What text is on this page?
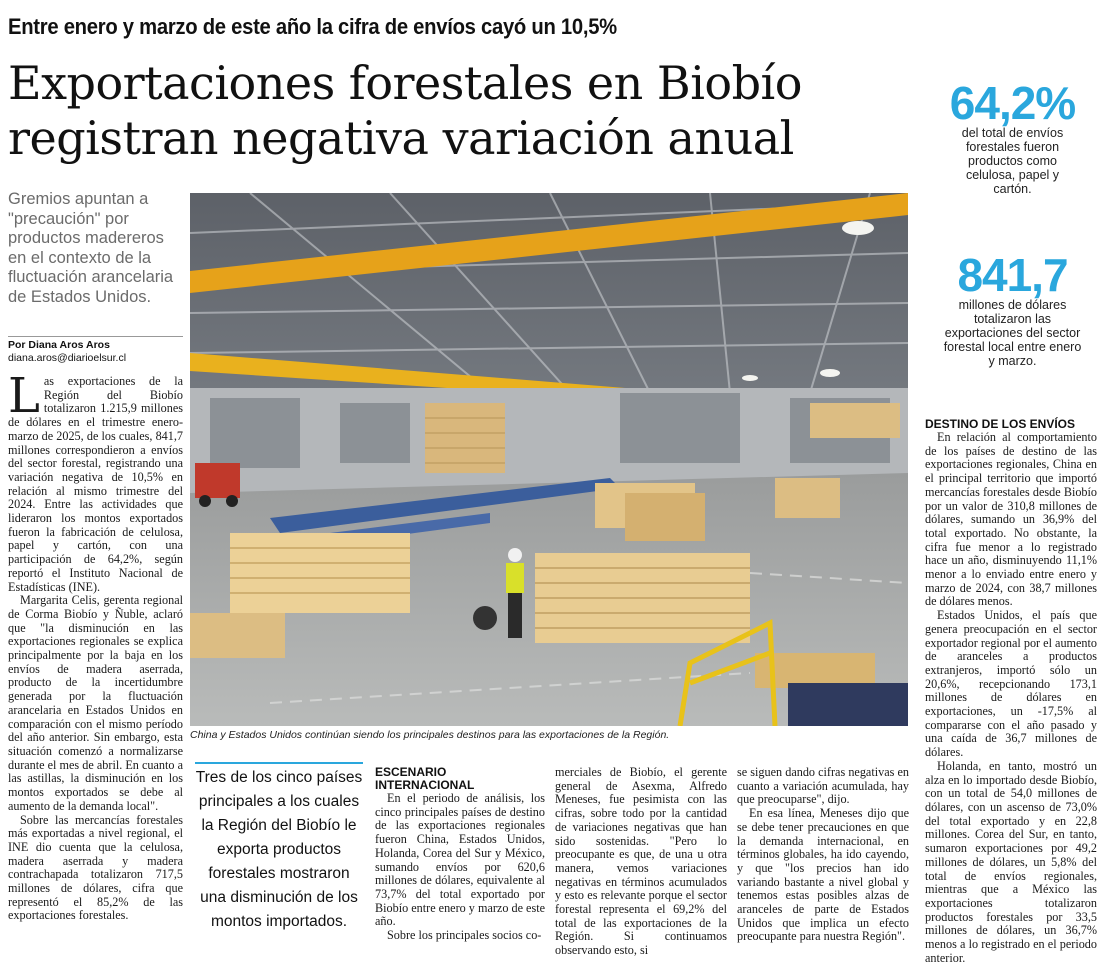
Entre enero y marzo de este año la cifra de envíos cayó un 10,5%
Exportaciones forestales en Biobío
registran negativa variación anual
64,2%
del total de envíos forestales fueron productos como celulosa, papel y cartón.
841,7
millones de dólares totalizaron las exportaciones del sector forestal local entre enero y marzo.
Gremios apuntan a "precaución" por productos madereros en el contexto de la fluctuación arancelaria de Estados Unidos.
Por Diana Aros Aros
diana.aros@diarioelsur.cl

Las exportaciones de la Región del Biobío totalizaron 1.215,9 millones de dólares en el trimestre enero-marzo de 2025, de los cuales, 841,7 millones correspondieron a envíos del sector forestal, registrando una variación negativa de 10,5% en relación al mismo trimestre del 2024. Entre las actividades que lideraron los montos exportados fueron la fabricación de celulosa, papel y cartón, con una participación de 64,2%, según reportó el Instituto Nacional de Estadísticas (INE).

Margarita Celis, gerenta regional de Corma Biobío y Ñuble, aclaró que "la disminución en las exportaciones regionales se explica principalmente por la baja en los envíos de madera aserrada, producto de la incertidumbre generada por la fluctuación arancelaria en Estados Unidos en comparación con el mismo período del año anterior. Sin embargo, esta situación comenzó a normalizarse durante el mes de abril. En cuanto a las astillas, la disminución en los montos exportados se debe al aumento de la demanda local".

Sobre las mercancías forestales más exportadas a nivel regional, el INE dio cuenta que la celulosa, madera aserrada y madera contrachapada totalizaron 717,5 millones de dólares, cifra que representó el 85,2% de las exportaciones forestales.

China y Estados Unidos continúan siendo los principales destinos para las exportaciones de la Región.
Tres de los cinco países principales a los cuales la Región del Biobío le exporta productos forestales mostraron una disminución de los montos importados.
ESCENARIO INTERNACIONAL

En el periodo de análisis, los cinco principales países de destino de las exportaciones regionales fueron China, Estados Unidos, Holanda, Corea del Sur y México, sumando envíos por 620,6 millones de dólares, equivalente al 73,7% del total exportado por Biobío entre enero y marzo de este año.

Sobre los principales socios co-

merciales de Biobío, el gerente general de Asexma, Alfredo Meneses, fue pesimista con las cifras, sobre todo por la cantidad de variaciones negativas que han sido sostenidas. "Pero lo preocupante es que, de una u otra manera, vemos variaciones negativas en términos acumulados y esto es relevante porque el sector forestal representa el 69,2% del total de las exportaciones de la Región. Si continuamos observando esto, si

se siguen dando cifras negativas en cuanto a variación acumulada, hay que preocuparse", dijo.

En esa línea, Meneses dijo que se debe tener precauciones en que la demanda internacional, en términos globales, ha ido cayendo, y que "los precios han ido variando bastante a nivel global y tenemos estas posibles alzas de aranceles de parte de Estados Unidos que implica un efecto preocupante para nuestra Región".

DESTINO DE LOS ENVÍOS

En relación al comportamiento de los países de destino de las exportaciones regionales, China en el principal territorio que importó mercancías forestales desde Biobío por un valor de 310,8 millones de dólares, sumando un 36,9% del total exportado. No obstante, la cifra fue menor a lo registrado hace un año, disminuyendo 11,1% menor a lo enviado entre enero y marzo de 2024, con 38,7 millones de dólares menos.

Estados Unidos, el país que genera preocupación en el sector exportador regional por el aumento de aranceles a productos extranjeros, importó sólo un 20,6%, recepcionando 173,1 millones de dólares en exportaciones, un -17,5% al compararse con el año pasado y una caída de 36,7 millones de dólares.

Holanda, en tanto, mostró un alza en lo importado desde Biobío, con un total de 54,0 millones de dólares, con un ascenso de 73,0% del total exportado y en 22,8 millones. Corea del Sur, en tanto, sumaron exportaciones por 49,2 millones de dólares, un 5,8% del total de envíos regionales, mientras que a México las exportaciones totalizaron productos forestales por 33,5 millones de dólares, un 36,7% menos a lo registrado en el periodo anterior.
